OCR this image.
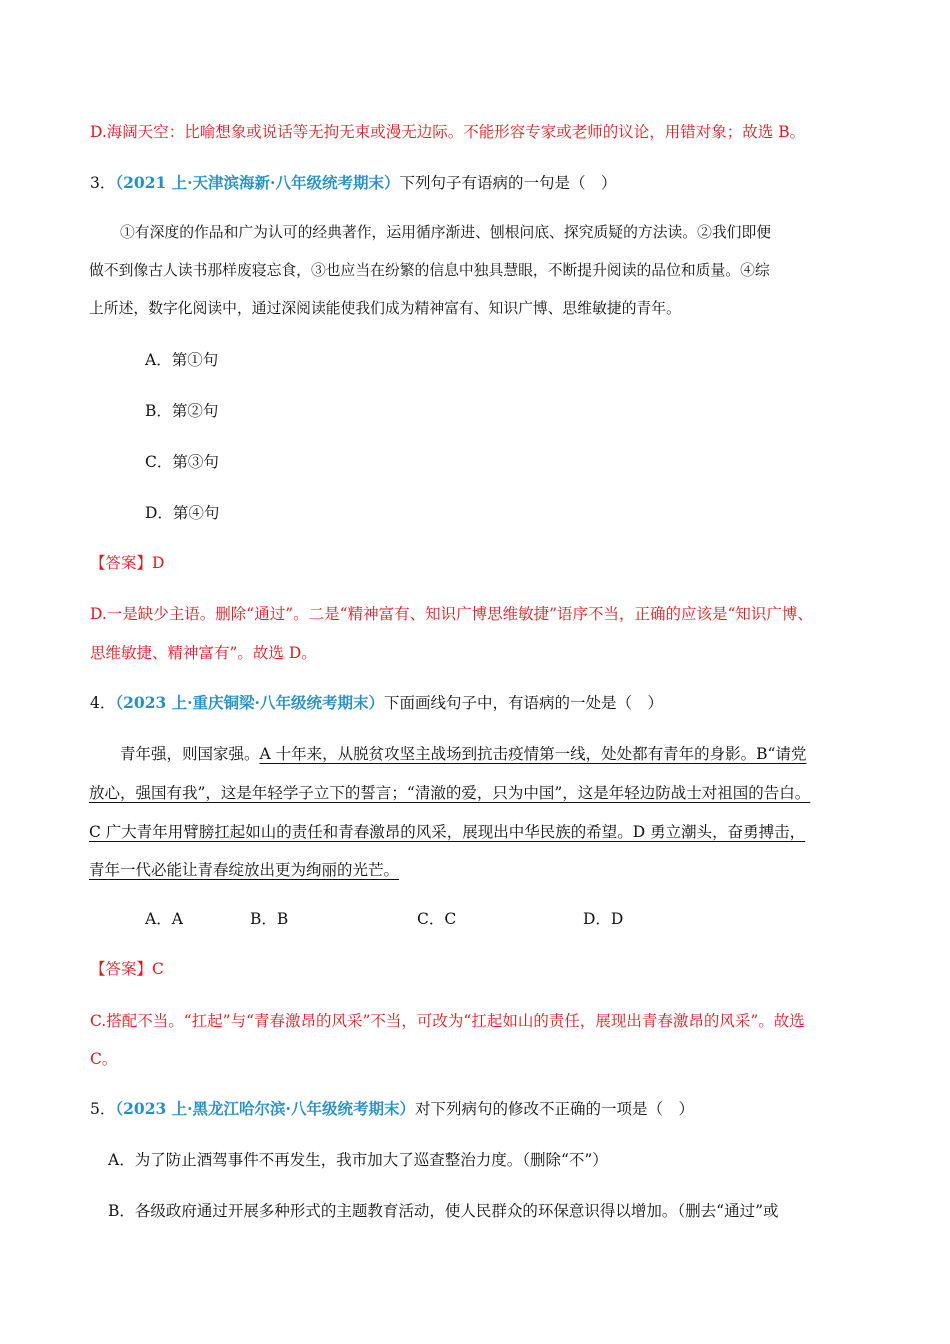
D.海阔天空：比喻想象或说话等无拘无束或漫无边际。不能形容专家或老师的议论，用错对象；故选 B。
3．（2021 上·天津滨海新·八年级统考期末）下列句子有语病的一句是（　）
①有深度的作品和广为认可的经典著作，运用循序渐进、刨根问底、探究质疑的方法读。②我们即便
做不到像古人读书那样废寝忘食，③也应当在纷繁的信息中独具慧眼，不断提升阅读的品位和质量。④综
上所述，数字化阅读中，通过深阅读能使我们成为精神富有、知识广博、思维敏捷的青年。
A．第①句
B．第②句
C．第③句
D．第④句
【答案】D
D.一是缺少主语。删除“通过”。二是“精神富有、知识广博思维敏捷”语序不当，正确的应该是“知识广博、
思维敏捷、精神富有”。故选 D。
4．（2023 上·重庆铜梁·八年级统考期末）下面画线句子中，有语病的一处是（　）
青年强，则国家强。A 十年来，从脱贫攻坚主战场到抗击疫情第一线，处处都有青年的身影。B“请党
放心，强国有我”，这是年轻学子立下的誓言；“清澈的爱，只为中国”，这是年轻边防战士对祖国的告白。
C 广大青年用臂膀扛起如山的责任和青春激昂的风采，展现出中华民族的希望。D 勇立潮头，奋勇搏击，
青年一代必能让青春绽放出更为绚丽的光芒。
A．A	B．B	C．C	D．D
【答案】C
C.搭配不当。“扛起”与“青春激昂的风采”不当，可改为“扛起如山的责任，展现出青春激昂的风采”。故选
C。
5．（2023 上·黑龙江哈尔滨·八年级统考期末）对下列病句的修改不正确的一项是（　）
A．为了防止酒驾事件不再发生，我市加大了巡查整治力度。（删除“不”）
B．各级政府通过开展多种形式的主题教育活动，使人民群众的环保意识得以增加。（删去“通过”或
